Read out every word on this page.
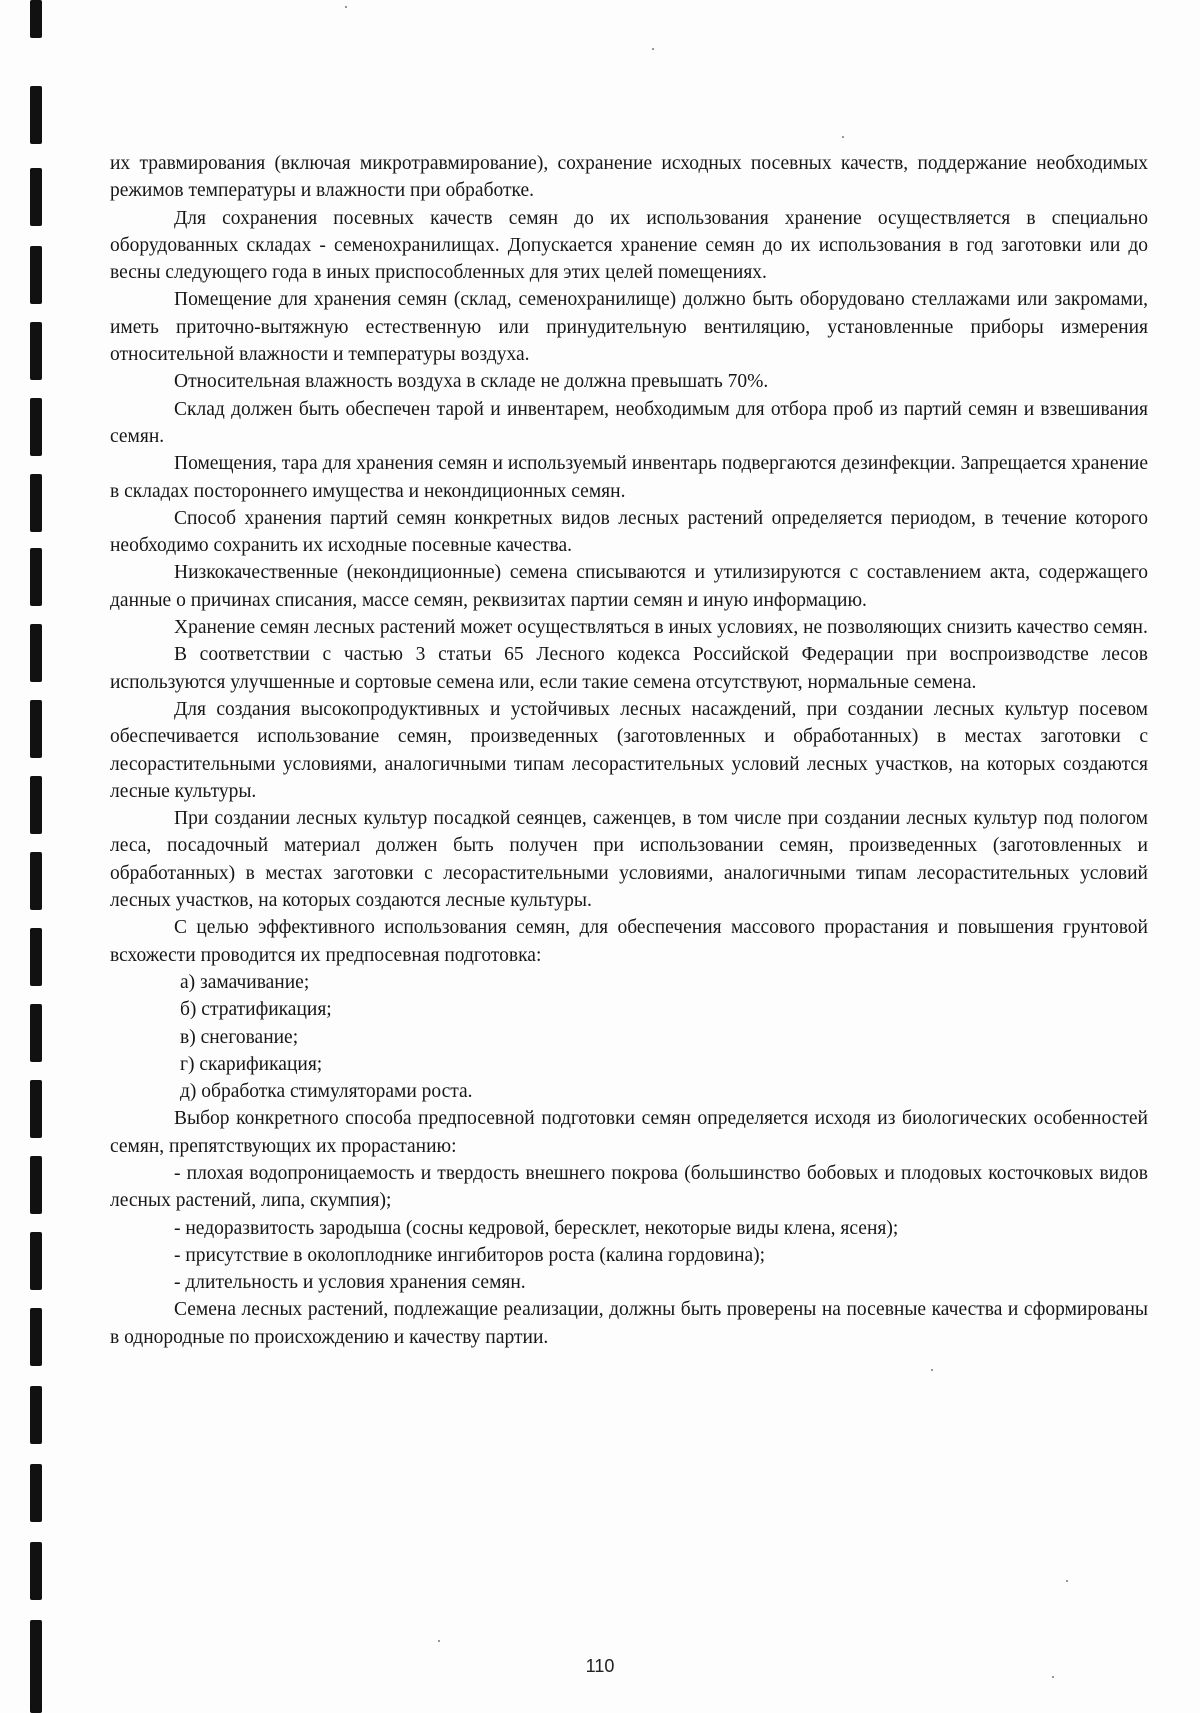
их травмирования (включая микротравмирование), сохранение исходных посевных качеств, поддержание необходимых режимов температуры и влажности при обработке.

Для сохранения посевных качеств семян до их использования хранение осуществляется в специально оборудованных складах - семенохранилищах. Допускается хранение семян до их использования в год заготовки или до весны следующего года в иных приспособленных для этих целей помещениях.

Помещение для хранения семян (склад, семенохранилище) должно быть оборудовано стеллажами или закромами, иметь приточно-вытяжную естественную или принудительную вентиляцию, установленные приборы измерения относительной влажности и температуры воздуха.

Относительная влажность воздуха в складе не должна превышать 70%.

Склад должен быть обеспечен тарой и инвентарем, необходимым для отбора проб из партий семян и взвешивания семян.

Помещения, тара для хранения семян и используемый инвентарь подвергаются дезинфекции. Запрещается хранение в складах постороннего имущества и некондиционных семян.

Способ хранения партий семян конкретных видов лесных растений определяется периодом, в течение которого необходимо сохранить их исходные посевные качества.

Низкокачественные (некондиционные) семена списываются и утилизируются с составлением акта, содержащего данные о причинах списания, массе семян, реквизитах партии семян и иную информацию.

Хранение семян лесных растений может осуществляться в иных условиях, не позволяющих снизить качество семян.

В соответствии с частью 3 статьи 65 Лесного кодекса Российской Федерации при воспроизводстве лесов используются улучшенные и сортовые семена или, если такие семена отсутствуют, нормальные семена.

Для создания высокопродуктивных и устойчивых лесных насаждений, при создании лесных культур посевом обеспечивается использование семян, произведенных (заготовленных и обработанных) в местах заготовки с лесорастительными условиями, аналогичными типам лесорастительных условий лесных участков, на которых создаются лесные культуры.

При создании лесных культур посадкой сеянцев, саженцев, в том числе при создании лесных культур под пологом леса, посадочный материал должен быть получен при использовании семян, произведенных (заготовленных и обработанных) в местах заготовки с лесорастительными условиями, аналогичными типам лесорастительных условий лесных участков, на которых создаются лесные культуры.

С целью эффективного использования семян, для обеспечения массового прорастания и повышения грунтовой всхожести проводится их предпосевная подготовка:

а) замачивание;

б) стратификация;

в) снегование;

г) скарификация;

д) обработка стимуляторами роста.

Выбор конкретного способа предпосевной подготовки семян определяется исходя из биологических особенностей семян, препятствующих их прорастанию:

- плохая водопроницаемость и твердость внешнего покрова (большинство бобовых и плодовых косточковых видов лесных растений, липа, скумпия);

- недоразвитость зародыша (сосны кедровой, бересклет, некоторые виды клена, ясеня);

- присутствие в околоплоднике ингибиторов роста (калина гордовина);

- длительность и условия хранения семян.

Семена лесных растений, подлежащие реализации, должны быть проверены на посевные качества и сформированы в однородные по происхождению и качеству партии.

110
